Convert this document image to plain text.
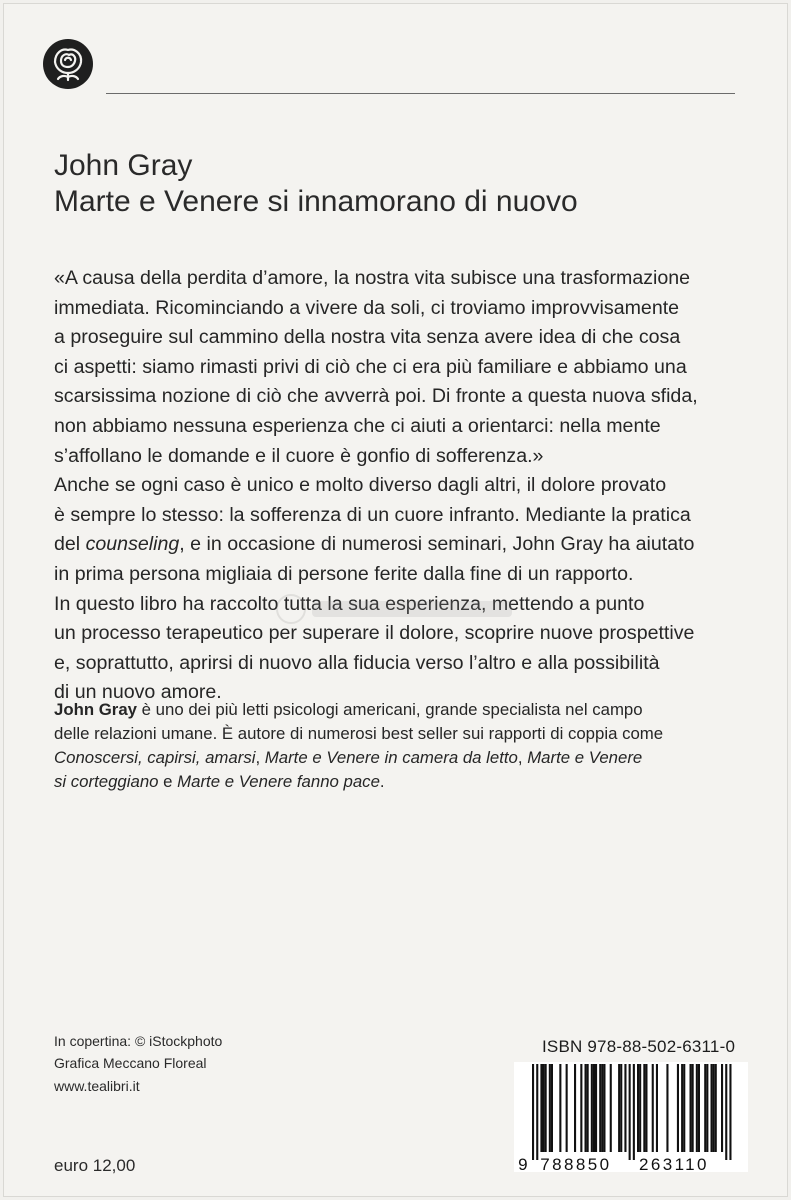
John Gray
Marte e Venere si innamorano di nuovo
«A causa della perdita d’amore, la nostra vita subisce una trasformazione
immediata. Ricominciando a vivere da soli, ci troviamo improvvisamente
a proseguire sul cammino della nostra vita senza avere idea di che cosa
ci aspetti: siamo rimasti privi di ciò che ci era più familiare e abbiamo una
scarsissima nozione di ciò che avverrà poi. Di fronte a questa nuova sfida,
non abbiamo nessuna esperienza che ci aiuti a orientarci: nella mente
s’affollano le domande e il cuore è gonfio di sofferenza.»
Anche se ogni caso è unico e molto diverso dagli altri, il dolore provato
è sempre lo stesso: la sofferenza di un cuore infranto. Mediante la pratica
del counseling, e in occasione di numerosi seminari, John Gray ha aiutato
in prima persona migliaia di persone ferite dalla fine di un rapporto.
In questo libro ha raccolto tutta la sua esperienza, mettendo a punto
un processo terapeutico per superare il dolore, scoprire nuove prospettive
e, soprattutto, aprirsi di nuovo alla fiducia verso l’altro e alla possibilità
di un nuovo amore.
John Gray è uno dei più letti psicologi americani, grande specialista nel campo
delle relazioni umane. È autore di numerosi best seller sui rapporti di coppia come
Conoscersi, capirsi, amarsi, Marte e Venere in camera da letto, Marte e Venere
si corteggiano e Marte e Venere fanno pace.
In copertina: © iStockphoto
Grafica Meccano Floreal
www.tealibri.it
euro 12,00
ISBN 978-88-502-6311-0
9 788850 263110
